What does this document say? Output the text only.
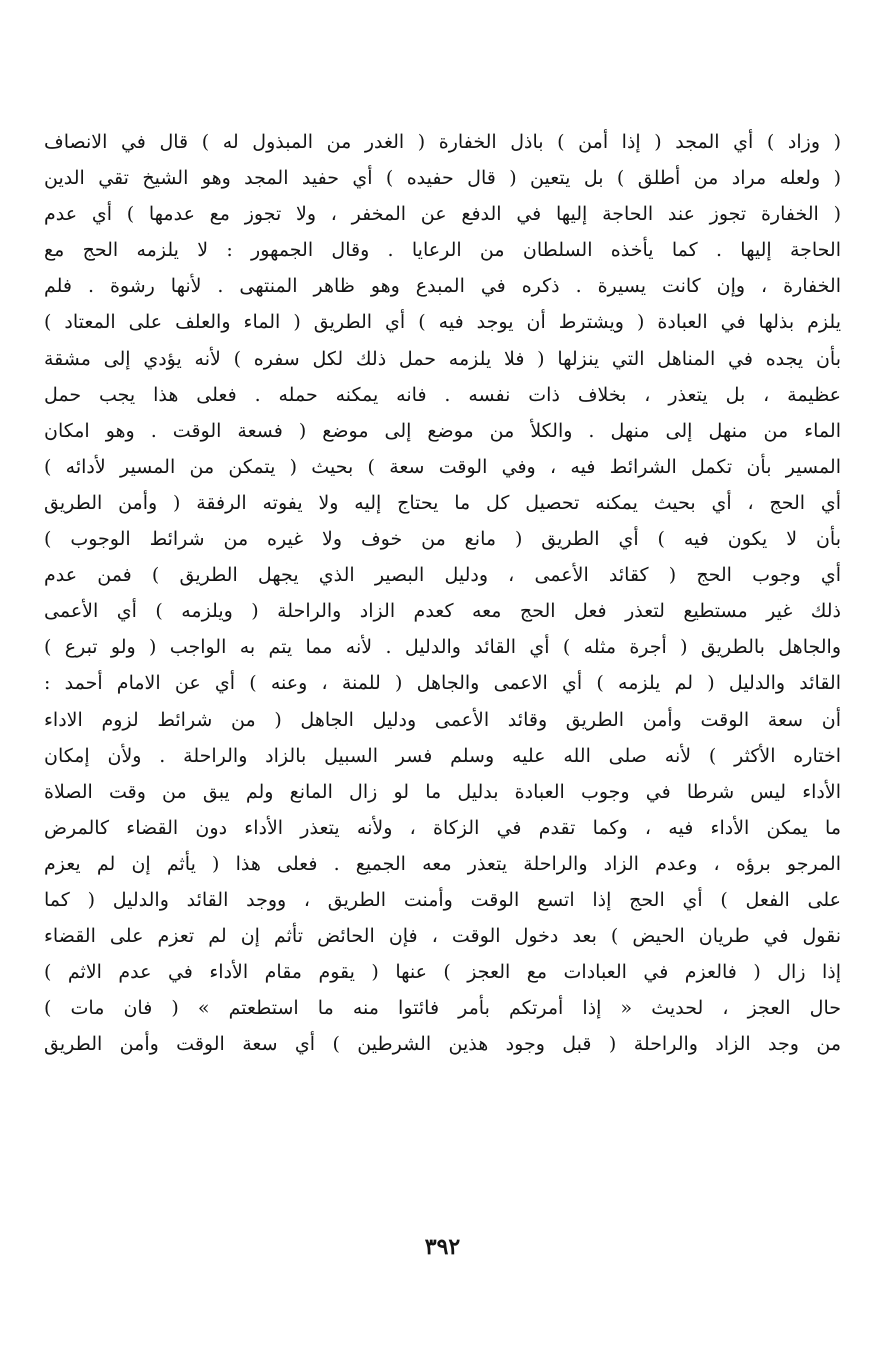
( وزاد ) أي المجد ( إذا أمن ) باذل الخفارة ( الغدر من المبذول له ) قال في الانصاف
( ولعله مراد من أطلق ) بل يتعين ( قال حفيده ) أي حفيد المجد وهو الشيخ تقي الدين
( الخفارة تجوز عند الحاجة إليها في الدفع عن المخفر ، ولا تجوز مع عدمها ) أي عدم
الحاجة إليها . كما يأخذه السلطان من الرعايا . وقال الجمهور : لا يلزمه الحج مع
الخفارة ، وإن كانت يسيرة . ذكره في المبدع وهو ظاهر المنتهى . لأنها رشوة . فلم
يلزم بذلها في العبادة ( ويشترط أن يوجد فيه ) أي الطريق ( الماء والعلف على المعتاد )
بأن يجده في المناهل التي ينزلها ( فلا يلزمه حمل ذلك لكل سفره ) لأنه يؤدي إلى مشقة
عظيمة ، بل يتعذر ، بخلاف ذات نفسه . فانه يمكنه حمله . فعلى هذا يجب حمل
الماء من منهل إلى منهل . والكلأ من موضع إلى موضع ( فسعة الوقت . وهو امكان
المسير بأن تكمل الشرائط فيه ، وفي الوقت سعة ) بحيث ( يتمكن من المسير لأدائه )
أي الحج ، أي بحيث يمكنه تحصيل كل ما يحتاج إليه ولا يفوته الرفقة ( وأمن الطريق
بأن لا يكون فيه ) أي الطريق ( مانع من خوف ولا غيره من شرائط الوجوب )
أي وجوب الحج ( كقائد الأعمى ، ودليل البصير الذي يجهل الطريق ) فمن عدم
ذلك غير مستطيع لتعذر فعل الحج معه كعدم الزاد والراحلة ( ويلزمه ) أي الأعمى
والجاهل بالطريق ( أجرة مثله ) أي القائد والدليل . لأنه مما يتم به الواجب ( ولو تبرع )
القائد والدليل ( لم يلزمه ) أي الاعمى والجاهل ( للمنة ، وعنه ) أي عن الامام أحمد :
أن سعة الوقت وأمن الطريق وقائد الأعمى ودليل الجاهل ( من شرائط لزوم الاداء
اختاره الأكثر ) لأنه صلى الله عليه وسلم فسر السبيل بالزاد والراحلة . ولأن إمكان
الأداء ليس شرطا في وجوب العبادة بدليل ما لو زال المانع ولم يبق من وقت الصلاة
ما يمكن الأداء فيه ، وكما تقدم في الزكاة ، ولأنه يتعذر الأداء دون القضاء كالمرض
المرجو برؤه ، وعدم الزاد والراحلة يتعذر معه الجميع . فعلى هذا ( يأثم إن لم يعزم
على الفعل ) أي الحج إذا اتسع الوقت وأمنت الطريق ، ووجد القائد والدليل ( كما
نقول في طريان الحيض ) بعد دخول الوقت ، فإن الحائض تأثم إن لم تعزم على القضاء
إذا زال ( فالعزم في العبادات مع العجز ) عنها ( يقوم مقام الأداء في عدم الاثم )
حال العجز ، لحديث « إذا أمرتكم بأمر فائتوا منه ما استطعتم » ( فان مات )
من وجد الزاد والراحلة ( قبل وجود هذين الشرطين ) أي سعة الوقت وأمن الطريق
٣٩٢
